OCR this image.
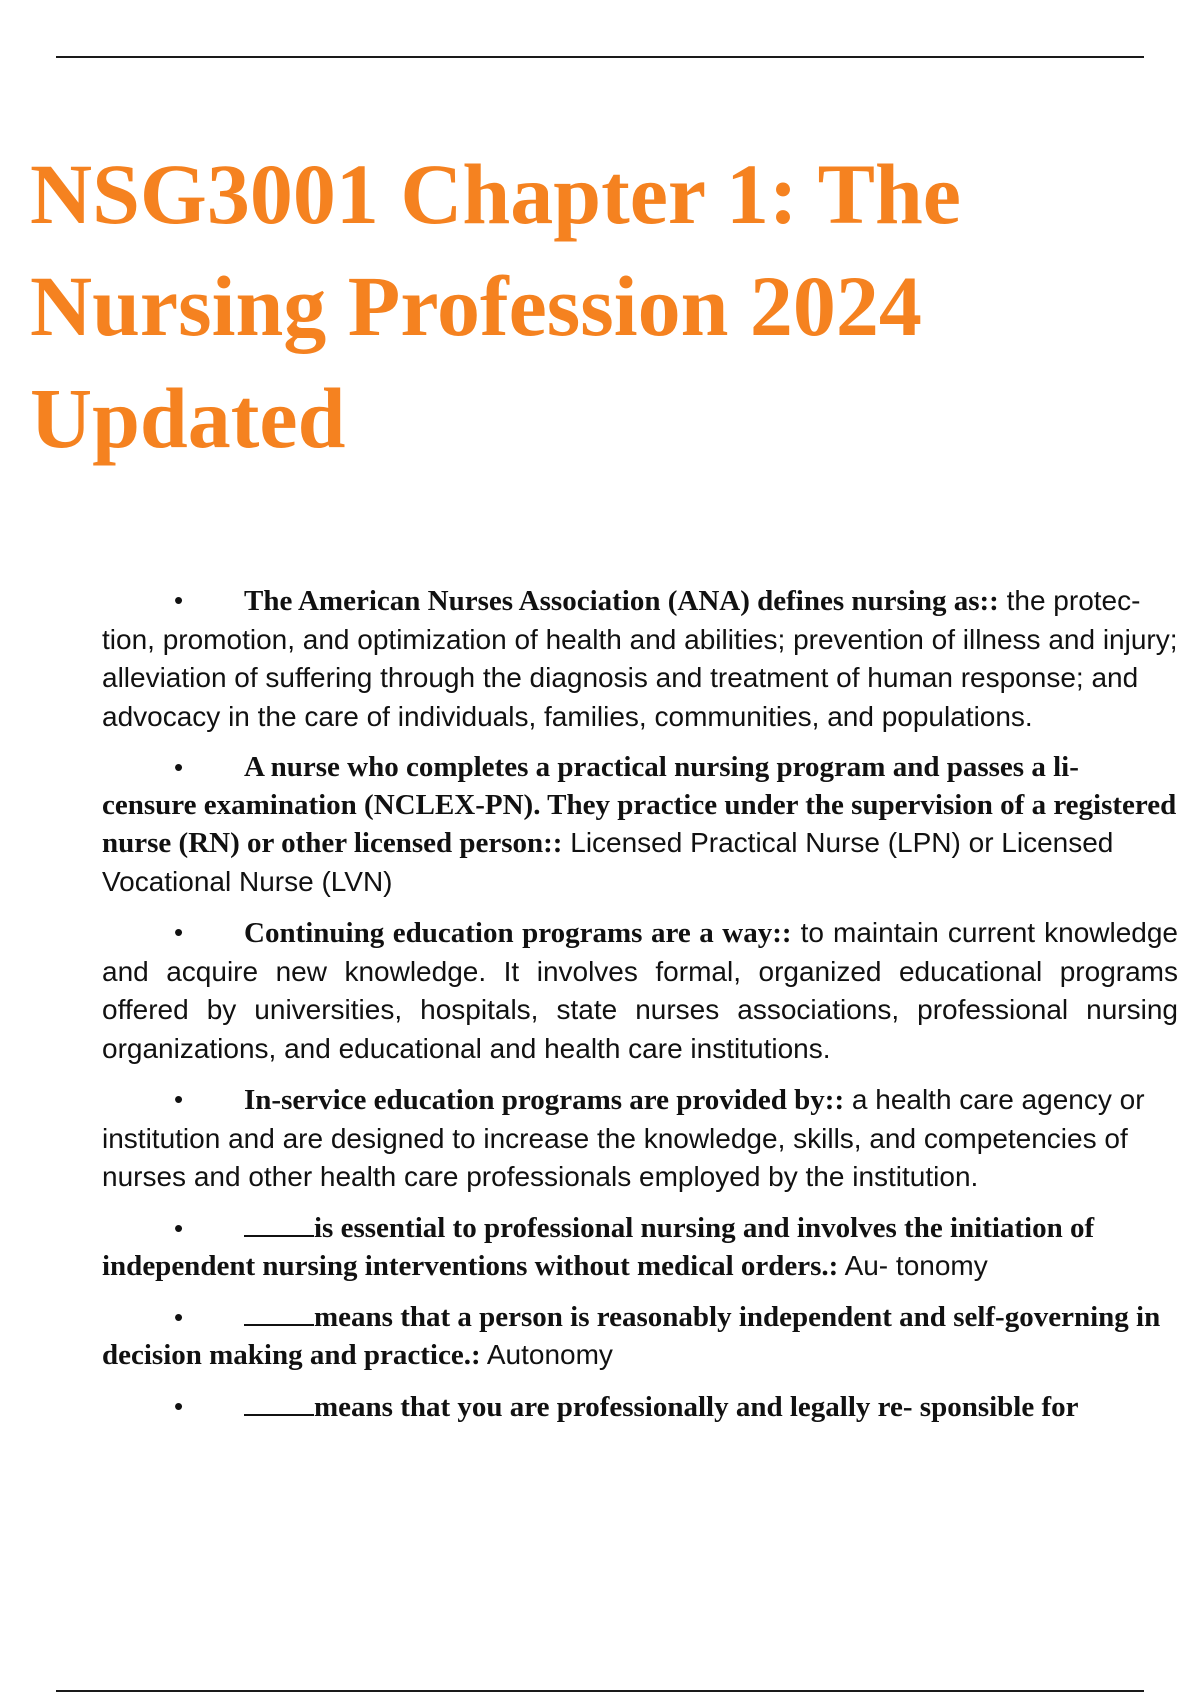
NSG3001 Chapter 1: The
Nursing Profession 2024
Updated
• The American Nurses Association (ANA) defines nursing as:: the protec- tion, promotion, and optimization of health and abilities; prevention of illness and injury; alleviation of suffering through the diagnosis and treatment of human response; and advocacy in the care of individuals, families, communities, and populations.
• A nurse who completes a practical nursing program and passes a li- censure examination (NCLEX-PN). They practice under the supervision of a registered nurse (RN) or other licensed person:: Licensed Practical Nurse (LPN) or Licensed Vocational Nurse (LVN)
• Continuing education programs are a way:: to maintain current knowledge and acquire new knowledge. It involves formal, organized educational programs offered by universities, hospitals, state nurses associations, professional nursing organizations, and educational and health care institutions.
• In-service education programs are provided by:: a health care agency or institution and are designed to increase the knowledge, skills, and competencies of nurses and other health care professionals employed by the institution.
•	is essential to professional nursing and involves the initiation of independent nursing interventions without medical orders.: Au- tonomy
•	means that a person is reasonably independent and self-governing in decision making and practice.: Autonomy
•	means that you are professionally and legally re- sponsible for
